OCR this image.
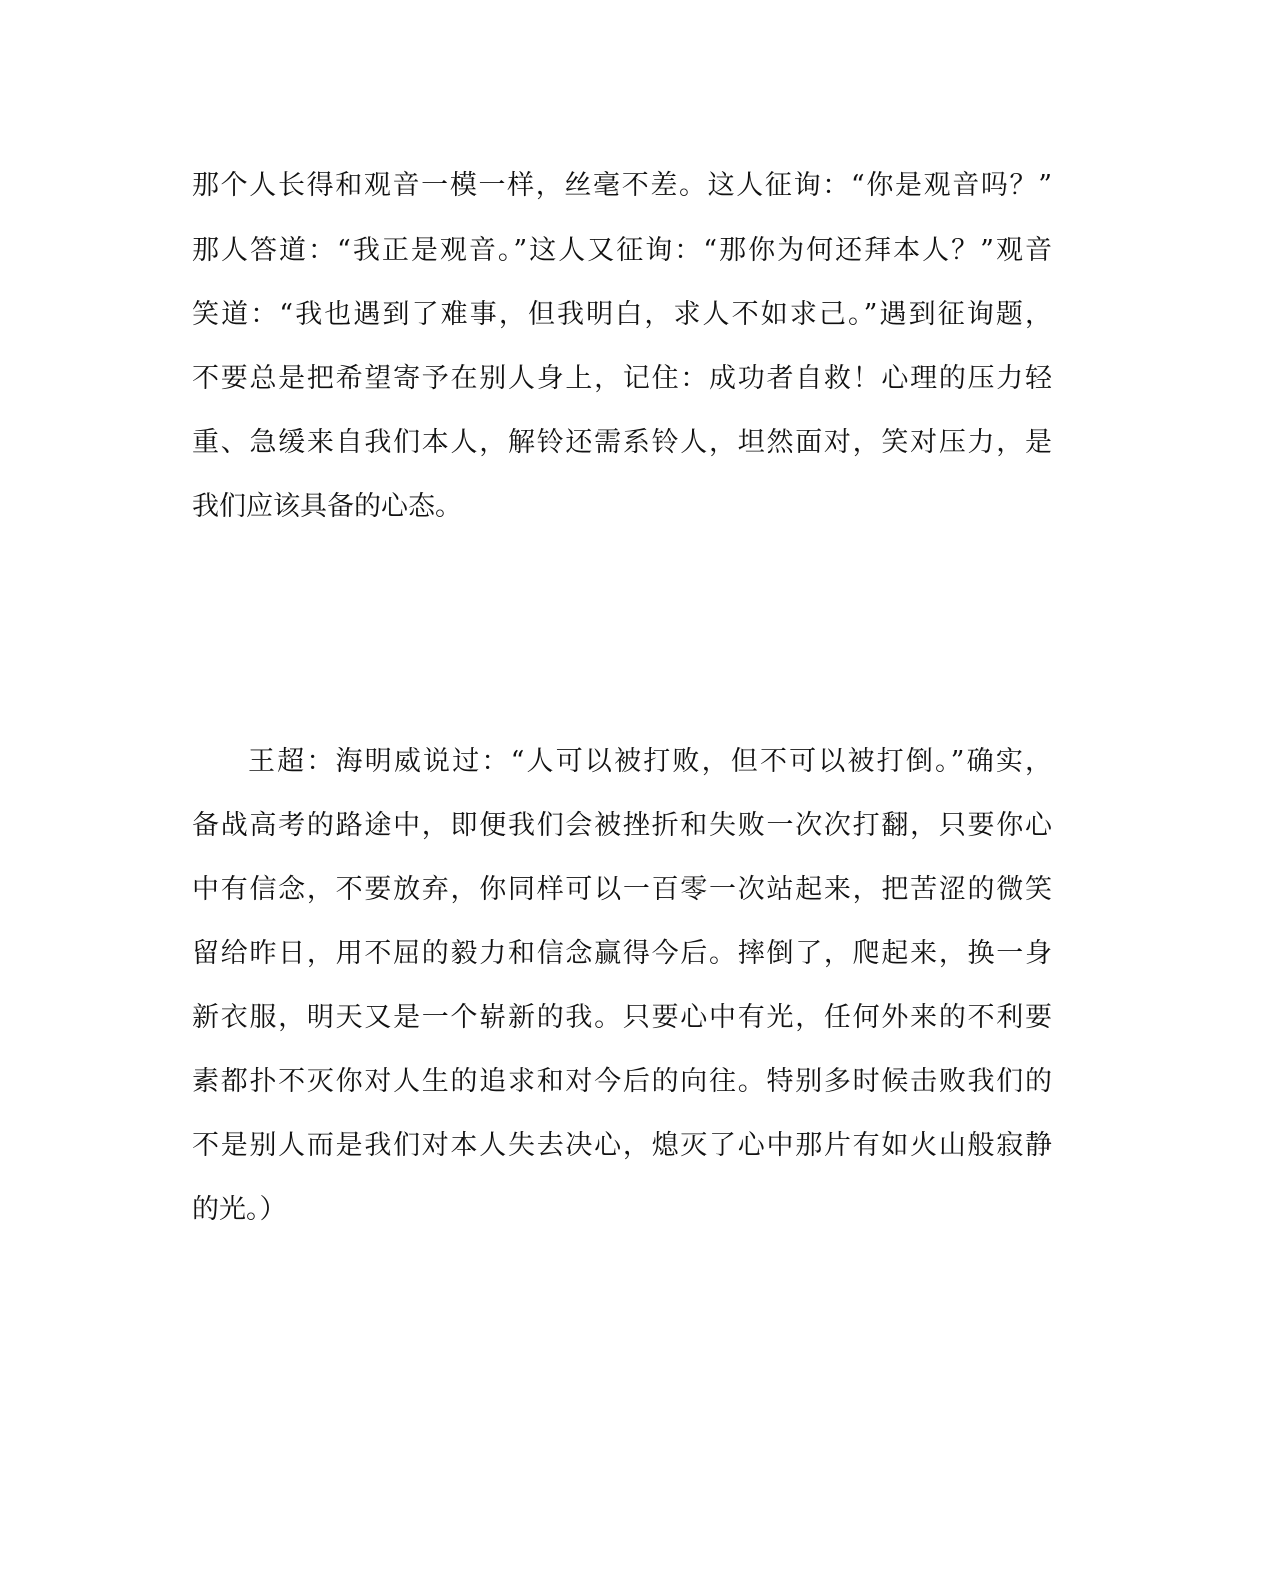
那个人长得和观音一模一样，丝毫不差。这人征询：“你是观音吗？”
那人答道：“我正是观音。”这人又征询：“那你为何还拜本人？”观音
笑道：“我也遇到了难事，但我明白，求人不如求己。”遇到征询题，
不要总是把希望寄予在别人身上，记住：成功者自救！心理的压力轻
重、急缓来自我们本人，解铃还需系铃人，坦然面对，笑对压力，是
我们应该具备的心态。
王超：海明威说过：“人可以被打败，但不可以被打倒。”确实，
备战高考的路途中，即便我们会被挫折和失败一次次打翻，只要你心
中有信念，不要放弃，你同样可以一百零一次站起来，把苦涩的微笑
留给昨日，用不屈的毅力和信念赢得今后。摔倒了，爬起来，换一身
新衣服，明天又是一个崭新的我。只要心中有光，任何外来的不利要
素都扑不灭你对人生的追求和对今后的向往。特别多时候击败我们的
不是别人而是我们对本人失去决心，熄灭了心中那片有如火山般寂静
的光。）
